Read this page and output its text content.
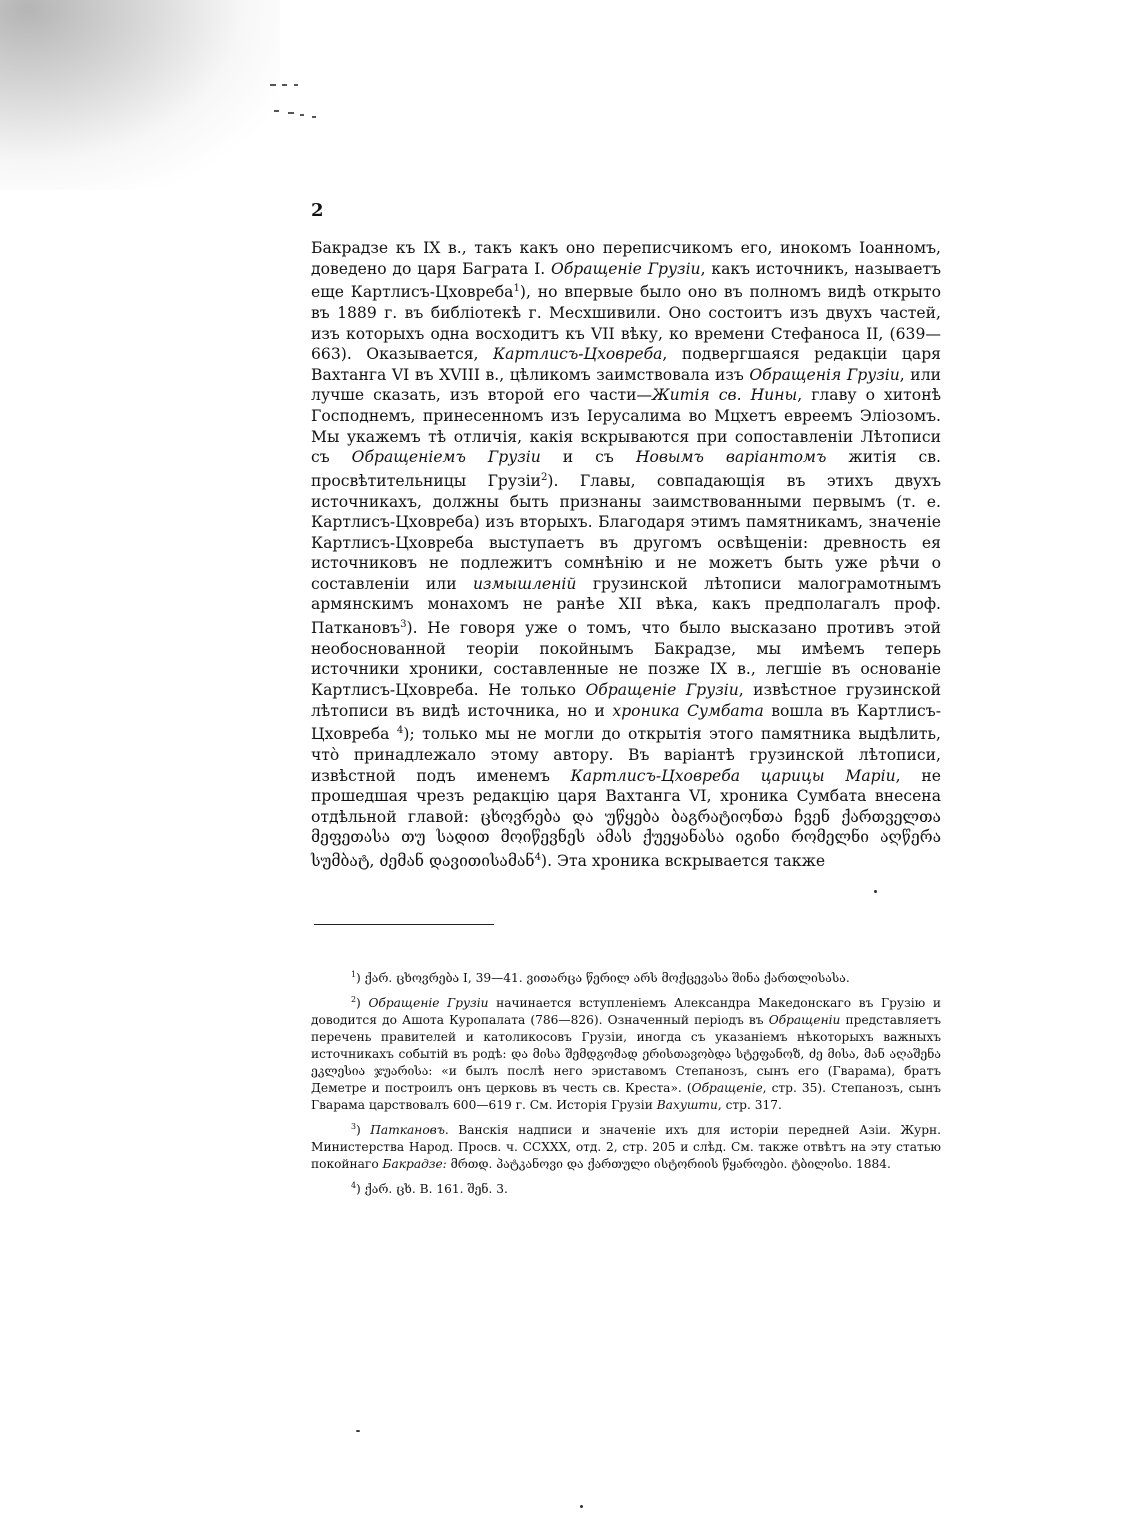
2

Бакрадзе къ IX в., такъ какъ оно переписчикомъ его, инокомъ Іоанномъ, доведено до царя Баграта I. Обращеніе Грузіи, какъ источникъ, называетъ еще Картлисъ-Цховреба$^1$), но впервые было оно въ полномъ видѣ открыто въ 1889 г. въ библіотекѣ г. Месхшивили. Оно состоитъ изъ двухъ частей, изъ которыхъ одна восходитъ къ VII вѣку, ко времени Стефаноса II, (639—663). Оказывается, Картлисъ-Цховреба, подвергшаяся редакціи царя Вахтанга VI въ XVIII в., цѣликомъ заимствовала изъ Обращенія Грузіи, или лучше сказать, изъ второй его части—Житія св. Нины, главу о хитонѣ Господнемъ, принесенномъ изъ Іерусалима во Мцхетъ евреемъ Элiозомъ. Мы укажемъ тѣ отличія, какія вскрываются при сопоставленіи Лѣтописи съ Обращеніемъ Грузіи и съ Новымъ варіантомъ житія св. просвѣтительницы Грузіи$^2$). Главы, совпадающія въ этихъ двухъ источникахъ, должны быть признаны заимствованными первымъ (т. е. Картлисъ-Цховреба) изъ вторыхъ. Благодаря этимъ памятникамъ, значеніе Картлисъ-Цховреба выступаетъ въ другомъ освѣщеніи: древность ея источниковъ не подлежитъ сомнѣнію и не можетъ быть уже рѣчи о составленіи или измышленій грузинской лѣтописи малограмотнымъ армянскимъ монахомъ не ранѣе XII вѣка, какъ предполагалъ проф. Паткановъ$^3$). Не говоря уже о томъ, что было высказано противъ этой необоснованной теоріи покойнымъ Бакрадзе, мы имѣемъ теперь источники хроники, составленные не позже IX в., легшіе въ основаніе Картлисъ-Цховреба. Не только Обращеніе Грузіи, извѣстное грузинской лѣтописи въ видѣ источника, но и хроника Сумбата вошла въ Картлисъ-Цховреба $^4$); только мы не могли до открытія этого памятника выдѣлить, что̀ принадлежало этому автору. Въ варіантѣ грузинской лѣтописи, извѣстной подъ именемъ Картлисъ-Цховреба царицы Маріи, не прошедшая чрезъ редакцію царя Вахтанга VI, хроника Сумбата внесена отдѣльной главой: ცხოვრება და უწყება ბაგრატიონთა ჩვენ ქართველთა მეფეთასა თუ სადით მოიწევნეს ამას ქუეყანასა იგინი რომელნი აღწერა სუმბატ, ძემან დავითისამან$^4$). Эта хроника вскрывается также

$^1$) ქარ. ცხოვრება I, 39—41. ვითარცა წერილ არს მოქცევასა შინა ქართლისასა.

$^2$) Обращеніе Грузіи начинается вступленіемъ Александра Македонскаго въ Грузію и доводится до Ашота Куропалата (786—826). Означенный періодъ въ Обращеніи представляетъ перечень правителей и католикосовъ Грузіи, иногда съ указаніемъ нѣкоторыхъ важныхъ источникахъ событій въ родѣ: და მისა შემდგომად ერისთავობდა სტეფანოზ, ძე მისა, მან აღაშენა ეკლესია ჯუარისა: «и былъ послѣ него эриставомъ Степанозъ, сынъ его (Гварама), братъ Деметре и построилъ онъ церковь въ честь св. Креста». (Обращеніе, стр. 35). Степанозъ, сынъ Гварама царствовалъ 600—619 г. См. Исторія Грузіи Вахушти, стр. 317.

$^3$) Паткановъ. Ванскія надписи и значеніе ихъ для исторіи передней Азіи. Журн. Министерства Народ. Просв. ч. CCXXX, отд. 2, стр. 205 и слѣд. См. также отвѣтъ на эту статью покойнаго Бакрадзе: მრთდ. პატკანოვი და ქართული ისტორიის წყაროები. ტბილისი. 1884.

$^4$) ქარ. ცხ. В. 161. შენ. 3.
